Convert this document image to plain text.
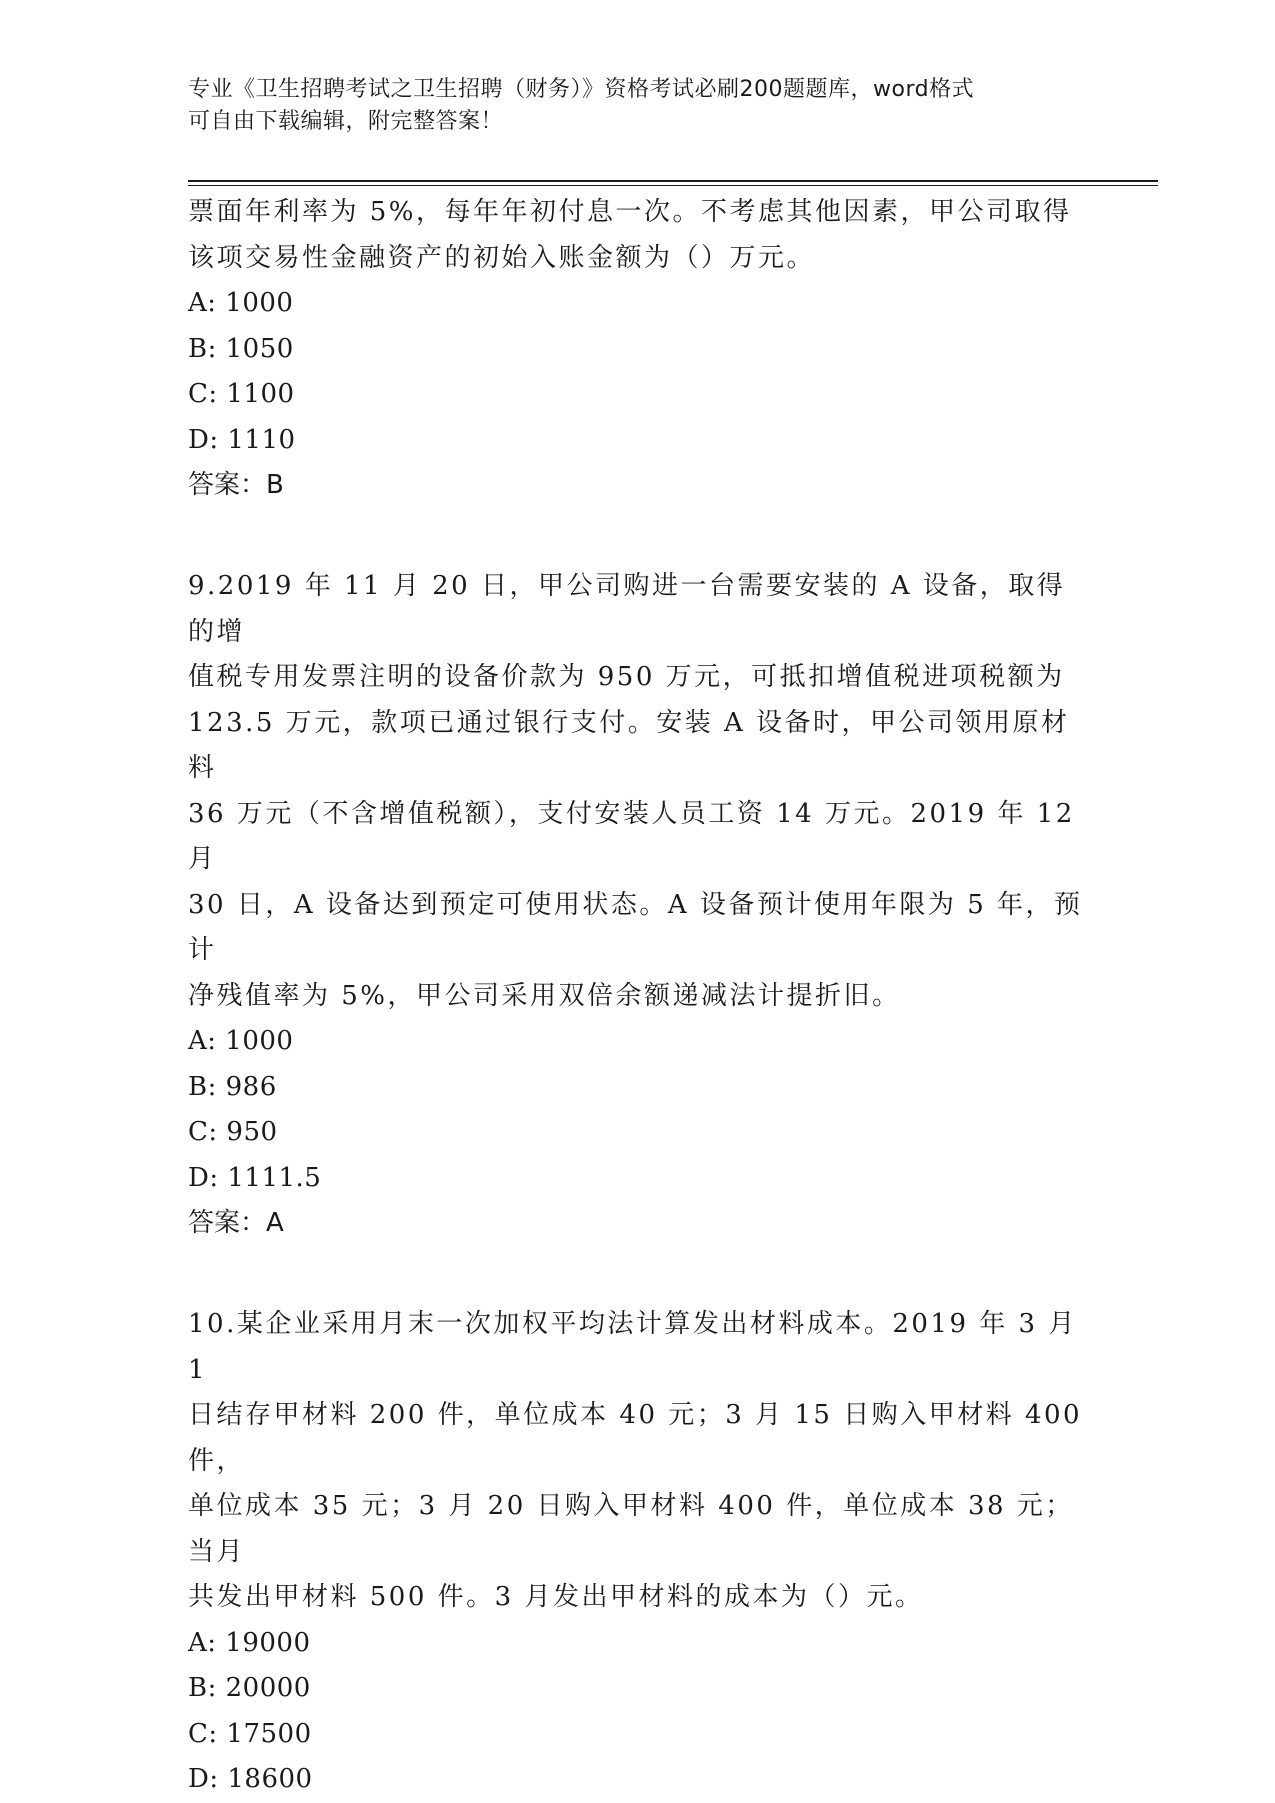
专业《卫生招聘考试之卫生招聘（财务）》资格考试必刷200题题库，word格式
可自由下载编辑，附完整答案！

票面年利率为 5%，每年年初付息一次。不考虑其他因素，甲公司取得

该项交易性金融资产的初始入账金额为（）万元。

A: 1000

B: 1050

C: 1100

D: 1110

答案：B

9.2019 年 11 月 20 日，甲公司购进一台需要安装的 A 设备，取得的增

值税专用发票注明的设备价款为 950 万元，可抵扣增值税进项税额为

123.5 万元，款项已通过银行支付。安装 A 设备时，甲公司领用原材料

36 万元（不含增值税额），支付安装人员工资 14 万元。2019 年 12 月

30 日，A 设备达到预定可使用状态。A 设备预计使用年限为 5 年，预计

净残值率为 5%，甲公司采用双倍余额递减法计提折旧。

A: 1000

B: 986

C: 950

D: 1111.5

答案：A

10.某企业采用月末一次加权平均法计算发出材料成本。2019 年 3 月 1

日结存甲材料 200 件，单位成本 40 元；3 月 15 日购入甲材料 400 件，

单位成本 35 元；3 月 20 日购入甲材料 400 件，单位成本 38 元；当月

共发出甲材料 500 件。3 月发出甲材料的成本为（）元。

A: 19000

B: 20000

C: 17500

D: 18600
